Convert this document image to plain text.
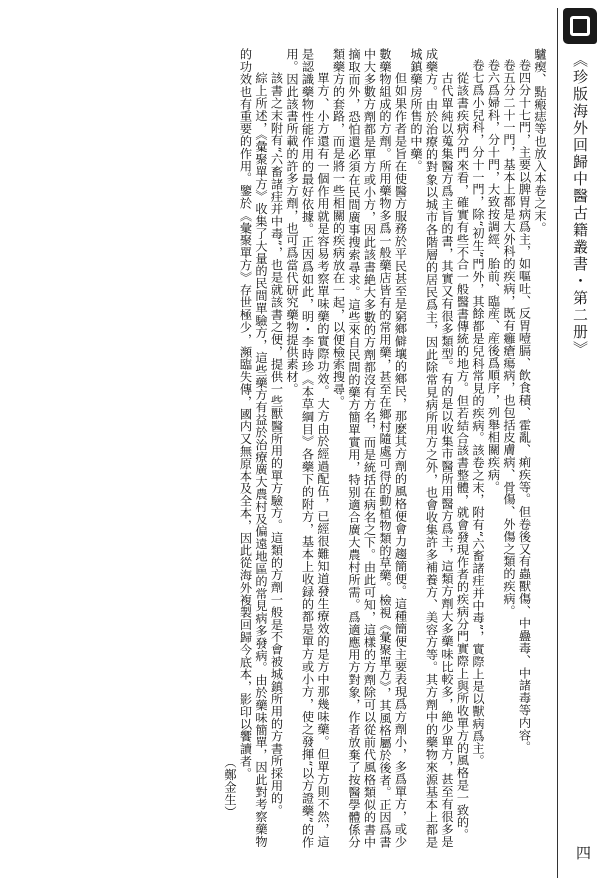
《珍版海外回歸中醫古籍叢書・第二册》
四

驢瘈、點瘢痣等也放入本卷之末。

卷四分十七門，主要以脾胃病爲主，如嘔吐、反胃噎膈、飲食積、霍亂、痢疾等。但卷後又有蟲獸傷、中蠱毒、中諸毒等内容。

卷五分二十一門，基本上都是大外科的疾病，既有癰瘡瘍病，也包括皮膚病、骨傷、外傷之類的疾病。

卷六爲婦科，分十門，大致按調經、胎前、臨産、産後爲順序，列舉相關疾病。

卷七爲小兒科，分十一門，除“初生”門外，其餘都是兒科常見的疾病。該卷之末，附有“六畜諸疰并中毒”，實際上是以獸病爲主。

從該書疾病分門來看，確實有些不合一般醫書傳統的地方。但若結合該書整體，就會發現作者的疾病分門實際上與所收單方的風格是一致的。

古代單純以蒐集醫方爲主旨的書，其實又有很多類型。有的是以收集市醫所用醫方爲主，這類方劑大多藥味比較多，絶少單方，甚至有很多是成藥方。由於治療的對象以城市各階層的居民爲主，因此除常見病所用方之外，也會收集許多補養方、美容方等。其方劑中的藥物來源基本上都是城鎮藥房所售的中藥。

但如果作者是旨在使醫方服務於平民甚至是窮鄉僻壤的鄉民，那麽其方劑的風格便會力趨簡便。這種簡便主要表現爲方劑小，多爲單方，或少數藥物組成的方劑。所用藥物多爲一般藥店皆有的常用藥，甚至在鄉村隨處可得的動植物類的草藥。檢視《彙聚單方》，其風格屬於後者。正因爲書中大多數方劑都是單方或小方，因此該書絶大多數的方劑都沒有方名，而是統括在病名之下。由此可知，這樣的方劑除可以從前代風格類似的書中摘取而外，恐怕還必須在民間廣事搜索尋求。這些來自民間的藥方簡單實用，特别適合廣大農村所需。爲適應用方對象，作者放棄了按醫學體係分類藥方的套路，而是將一些相關的疾病放在一起，以便檢索搜尋。

單方、小方還有一個作用就是容易考察單味藥的實際功效。大方由於經過配伍，已經很難知道發生療效的是方中那幾味藥。但單方則不然，這是認識藥物性能作用的最好依據。正因爲如此，明・李時珍《本草綱目》各藥下的附方，基本上收録的都是單方或小方，使之發揮“以方證藥”的作用。因此該書所載的許多方劑，也可爲當代研究藥物提供素材。

該書之末附有“六畜諸疰并中毒”，也是就該書之便，提供一些獸醫所用的單方驗方。這類的方劑一般是不會被城鎮所用的方書所採用的。

綜上所述，《彙聚單方》收集了大量的民間單驗方，這些藥方有益於治療廣大農村及偏遠地區的常見病多發病。由於藥味簡單，因此對考察藥物的功效也有重要的作用。鑒於《彙聚單方》存世極少，瀕臨失傳，國内又無原本及全本，因此從海外複製回歸今底本，影印以饗讀者。

（鄭金生）
